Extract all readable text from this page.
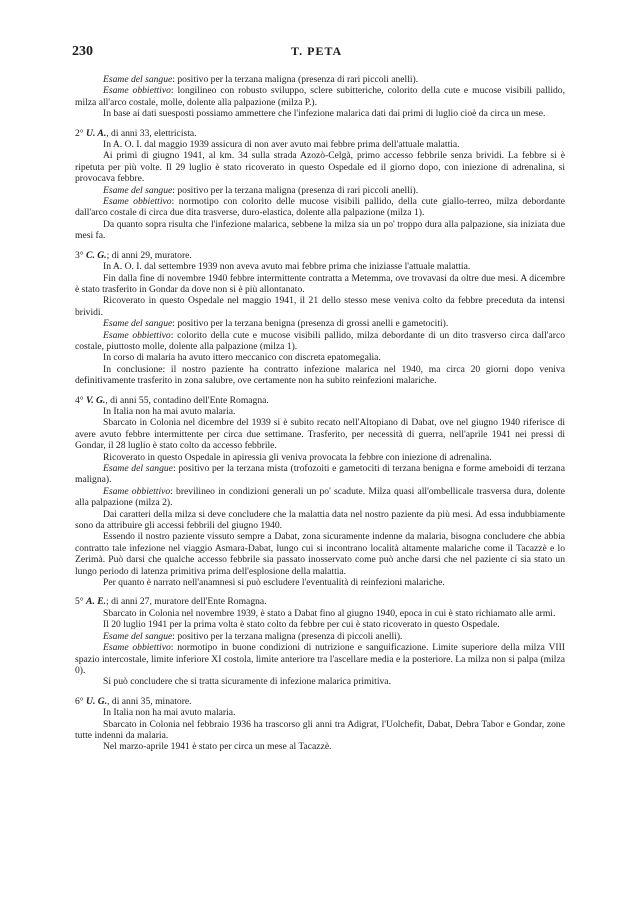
230	T. PETA

Esame del sangue: positivo per la terzana maligna (presenza di rari piccoli anelli).

Esame obbiettivo: longilineo con robusto sviluppo, sclere subitteriche, colorito della cute e mucose visibili pallido, milza all'arco costale, molle, dolente alla palpazione (milza P.).

In base ai dati suesposti possiamo ammettere che l'infezione malarica dati dai primi di luglio cioè da circa un mese.

2° U. A., di anni 33, elettricista.

In A. O. I. dal maggio 1939 assicura di non aver avuto mai febbre prima dell'attuale malattia.

Ai primi di giugno 1941, al km. 34 sulla strada Azozò-Celgà, primo accesso febbrile senza brividi. La febbre si è ripetuta per più volte. Il 29 luglio è stato ricoverato in questo Ospedale ed il giorno dopo, con iniezione di adrenalina, si provocava febbre.

Esame del sangue: positivo per la terzana maligna (presenza di rari piccoli anelli).

Esame obbiettivo: normotipo con colorito delle mucose visibili pallido, della cute giallo-terreo, milza debordante dall'arco costale di circa due dita trasverse, duro-elastica, dolente alla palpazione (milza 1).

Da quanto sopra risulta che l'infezione malarica, sebbene la milza sia un po' troppo dura alla palpazione, sia iniziata due mesi fa.

3° C. G.; di anni 29, muratore.

In A. O. I. dal settembre 1939 non aveva avuto mai febbre prima che iniziasse l'attuale malattia.

Fin dalla fine di novembre 1940 febbre intermittente contratta a Metemma, ove trovavasi da oltre due mesi. A dicembre è stato trasferito in Gondar da dove non si è più allontanato.

Ricoverato in questo Ospedale nel maggio 1941, il 21 dello stesso mese veniva colto da febbre preceduta da intensi brividi.

Esame del sangue: positivo per la terzana benigna (presenza di grossi anelli e gametociti).

Esame obbiettivo: colorito della cute e mucose visibili pallido, milza debordante di un dito trasverso circa dall'arco costale, piuttosto molle, dolente alla palpazione (milza 1).

In corso di malaria ha avuto ittero meccanico con discreta epatomegalia.

In conclusione: il nostro paziente ha contratto infezione malarica nel 1940, ma circa 20 giorni dopo veniva definitivamente trasferito in zona salubre, ove certamente non ha subito reinfezioni malariche.

4° V. G., di anni 55, contadino dell'Ente Romagna.

In Italia non ha mai avuto malaria.

Sbarcato in Colonia nel dicembre del 1939 si è subito recato nell'Altopiano di Dabat, ove nel giugno 1940 riferisce di avere avuto febbre intermittente per circa due settimane. Trasferito, per necessità di guerra, nell'aprile 1941 nei pressi di Gondar, il 28 luglio è stato colto da accesso febbrile.

Ricoverato in questo Ospedale in apiressia gli veniva provocata la febbre con iniezione di adrenalina.

Esame del sangue: positivo per la terzana mista (trofozoiti e gametociti di terzana benigna e forme ameboidi di terzana maligna).

Esame obbiettivo: brevilineo in condizioni generali un po' scadute. Milza quasi all'ombellicale trasversa dura, dolente alla palpazione (milza 2).

Dai caratteri della milza si deve concludere che la malattia data nel nostro paziente da più mesi. Ad essa indubbiamente sono da attribuire gli accessi febbrili del giugno 1940.

Essendo il nostro paziente vissuto sempre a Dabat, zona sicuramente indenne da malaria, bisogna concludere che abbia contratto tale infezione nel viaggio Asmara-Dabat, lungo cui si incontrano località altamente malariche come il Tacazzè e lo Zerimà. Può darsi che qualche accesso febbrile sia passato inosservato come può anche darsi che nel paziente ci sia stato un lungo periodo di latenza primitiva prima dell'esplosione della malattia.

Per quanto è narrato nell'anamnesi si può escludere l'eventualità di reinfezioni malariche.

5° A. E.; di anni 27, muratore dell'Ente Romagna.

Sbarcato in Colonia nel novembre 1939, è stato a Dabat fino al giugno 1940, epoca in cui è stato richiamato alle armi.

Il 20 luglio 1941 per la prima volta è stato colto da febbre per cui è stato ricoverato in questo Ospedale.

Esame del sangue: positivo per la terzana maligna (presenza di piccoli anelli).

Esame obbiettivo: normotipo in buone condizioni di nutrizione e sanguificazione. Limite superiore della milza VIII spazio intercostale, limite inferiore XI costola, limite anteriore tra l'ascellare media e la posteriore. La milza non si palpa (milza 0).

Si può concludere che si tratta sicuramente di infezione malarica primitiva.

6° U. G., di anni 35, minatore.

In Italia non ha mai avuto malaria.

Sbarcato in Colonia nel febbraio 1936 ha trascorso gli anni tra Adigrat, l'Uolchefit, Dabat, Debra Tabor e Gondar, zone tutte indenni da malaria.

Nel marzo-aprile 1941 è stato per circa un mese al Tacazzè.
